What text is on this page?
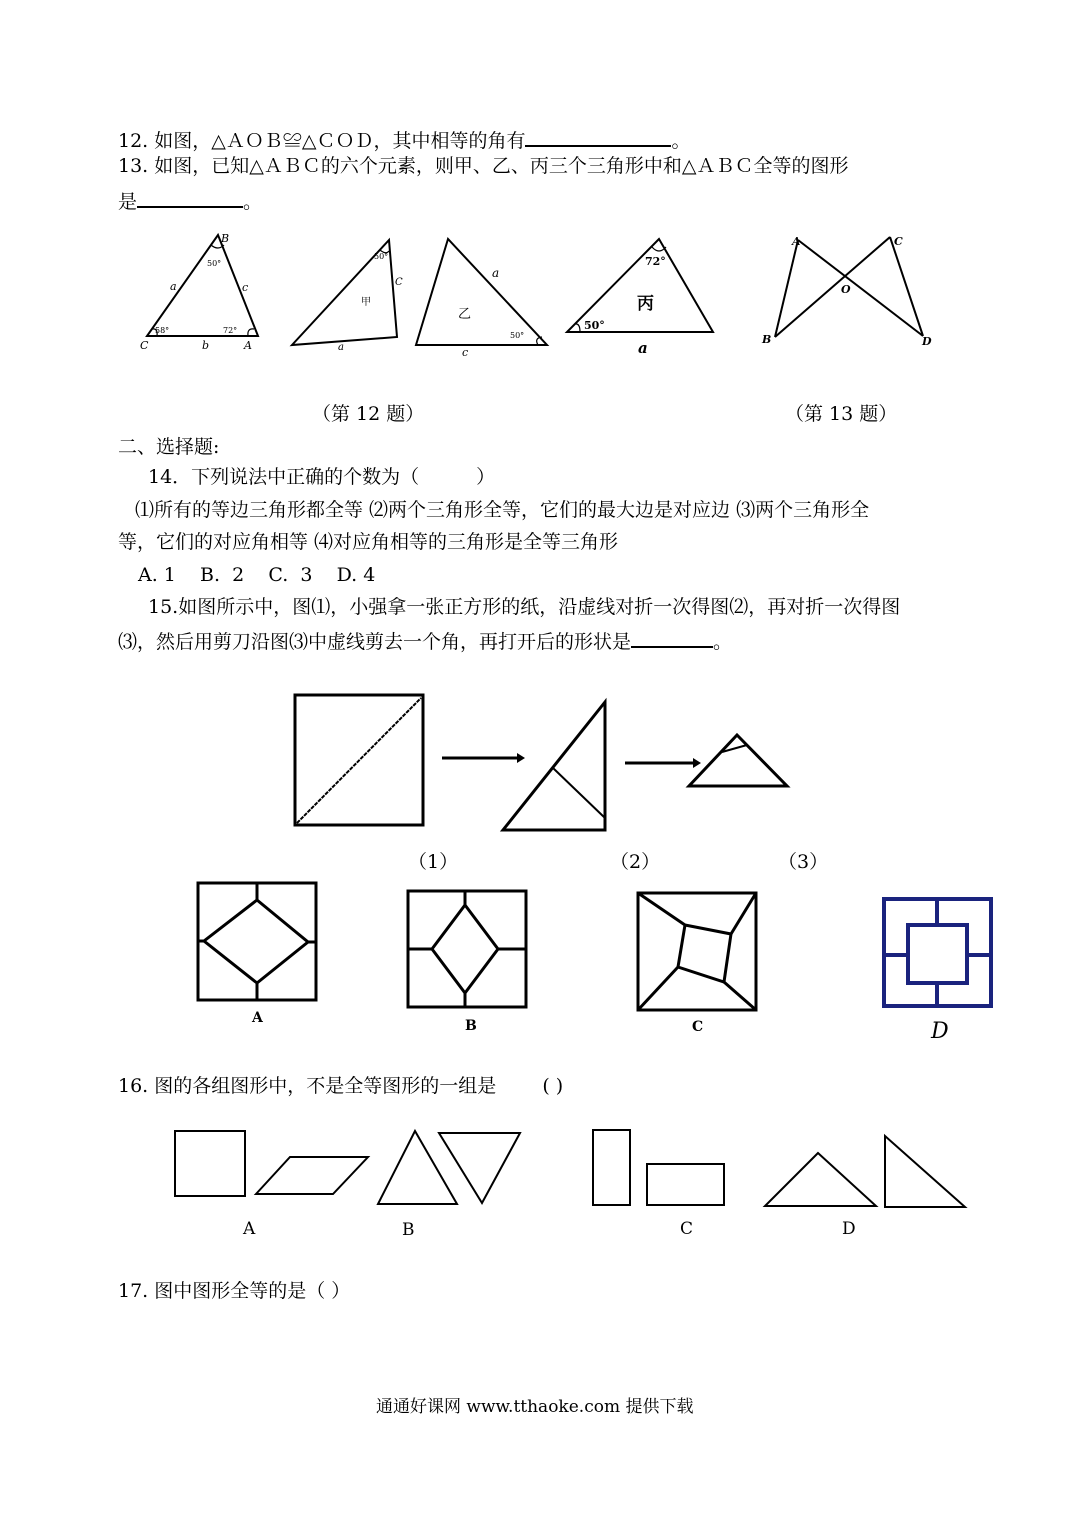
12. 如图，△ＡＯＢ≌△ＣＯＤ，其中相等的角有	。
13. 如图，已知△ＡＢＣ的六个元素，则甲、乙、丙三个三角形中和△ＡＢＣ全等的图形
是	。
B
C	A
a
b
c
50°
58°	72°
50°
50°
甲
a
C
乙
a
c
丙
72°
50°
a
A	C
O
B	D
（第 12 题）	（第 13 题）
二、选择题:
14．下列说法中正确的个数为（　　　）
⑴所有的等边三角形都全等 ⑵两个三角形全等，它们的最大边是对应边 ⑶两个三角形全
等，它们的对应角相等 ⑷对应角相等的三角形是全等三角形
A. 1    B.  2    C.  3    D. 4
15.如图所示中，图⑴，小强拿一张正方形的纸，沿虚线对折一次得图⑵，再对折一次得图
⑶，然后用剪刀沿图⑶中虚线剪去一个角，再打开后的形状是	。
（1）	（2）	（3）
A	B	C	D
16. 图的各组图形中，不是全等图形的一组是 ( )
A	B	C	D
17. 图中图形全等的是（ ）
通通好课网 www.tthaoke.com 提供下载
